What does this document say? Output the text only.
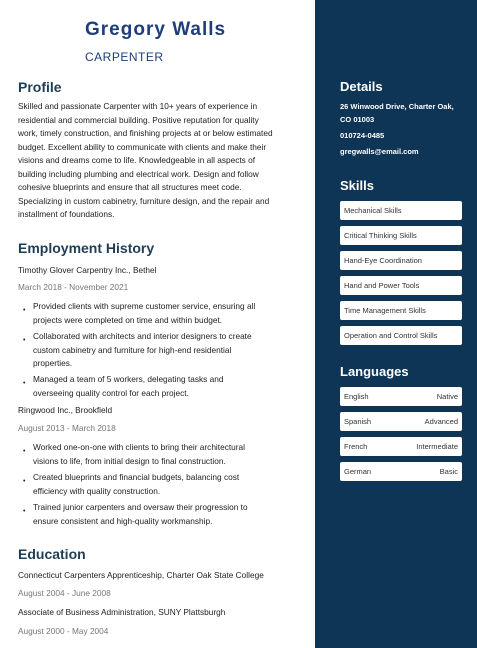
Gregory Walls
CARPENTER
Profile
Skilled and passionate Carpenter with 10+ years of experience in
residential and commercial building. Positive reputation for quality
work, timely construction, and finishing projects at or below estimated
budget. Excellent ability to communicate with clients and make their
visions and dreams come to life. Knowledgeable in all aspects of
building including plumbing and electrical work. Design and follow
cohesive blueprints and ensure that all structures meet code.
Specializing in custom cabinetry, furniture design, and the repair and
installment of foundations.
Employment History
Timothy Glover Carpentry Inc., Bethel
March 2018 - November 2021
• Provided clients with supreme customer service, ensuring all
projects were completed on time and within budget.
• Collaborated with architects and interior designers to create
custom cabinetry and furniture for high-end residential
properties.
• Managed a team of 5 workers, delegating tasks and
overseeing quality control for each project.
Ringwood Inc., Brookfield
August 2013 - March 2018
• Worked one-on-one with clients to bring their architectural
visions to life, from initial design to final construction.
• Created blueprints and financial budgets, balancing cost
efficiency with quality construction.
• Trained junior carpenters and oversaw their progression to
ensure consistent and high-quality workmanship.
Education
Connecticut Carpenters Apprenticeship, Charter Oak State College
August 2004 - June 2008
Associate of Business Administration, SUNY Plattsburgh
August 2000 - May 2004
Details
26 Winwood Drive, Charter Oak,
CO 01003
010724-0485
gregwalls@email.com
Skills
Mechanical Skills
Critical Thinking Skills
Hand-Eye Coordination
Hand and Power Tools
Time Management Skills
Operation and Control Skills
Languages
English	Native
Spanish	Advanced
French	Intermediate
German	Basic
